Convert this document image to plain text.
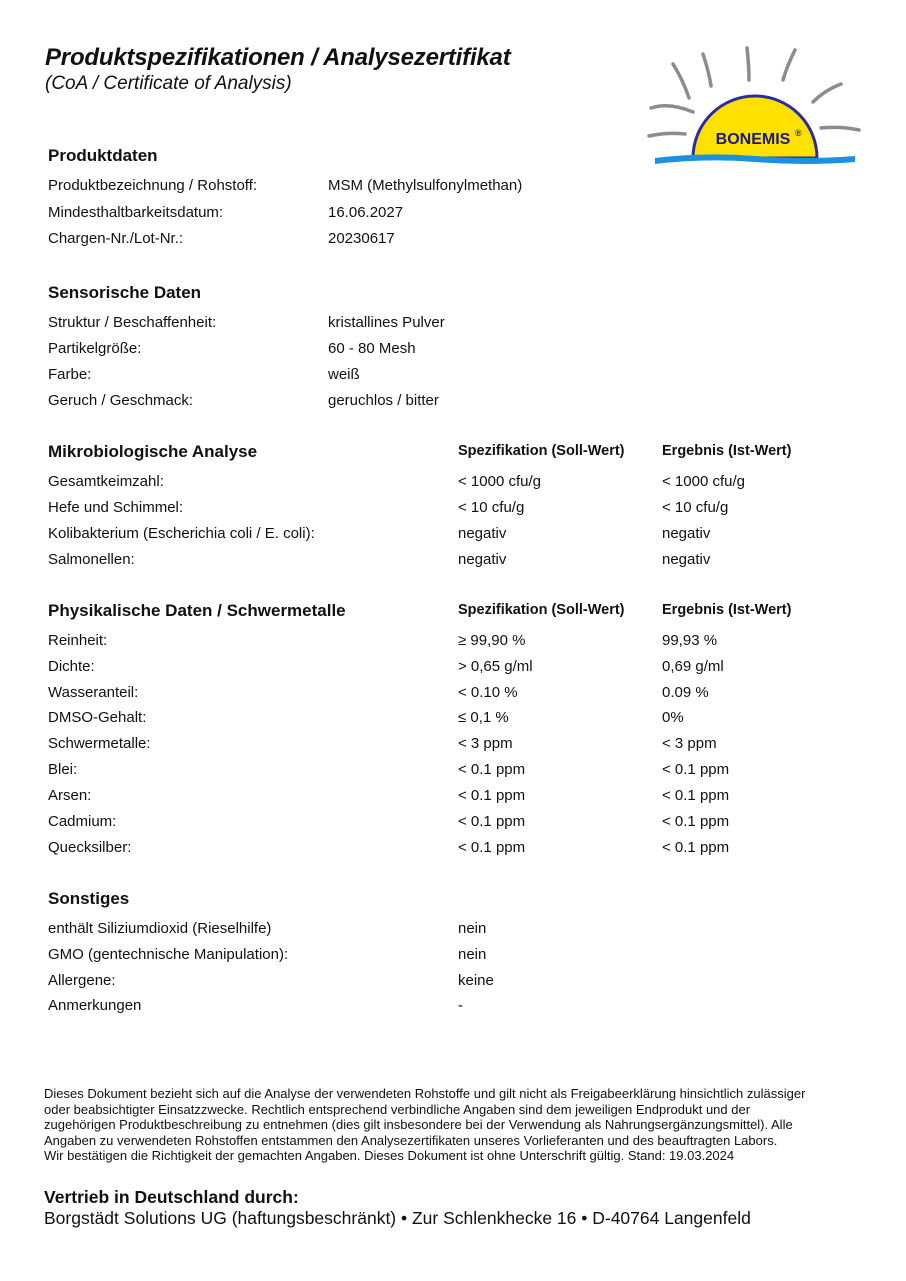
Produktspezifikationen / Analysezertifikat
(CoA / Certificate of Analysis)
BONEMIS ®
Produktdaten
Produktbezeichnung / Rohstoff:	MSM (Methylsulfonylmethan)
Mindesthaltbarkeitsdatum:	16.06.2027
Chargen-Nr./Lot-Nr.:	20230617
Sensorische Daten
Struktur / Beschaffenheit:	kristallines Pulver
Partikelgröße:	60 - 80 Mesh
Farbe:	weiß
Geruch / Geschmack:	geruchlos / bitter
Mikrobiologische Analyse	Spezifikation (Soll-Wert)	Ergebnis (Ist-Wert)
Gesamtkeimzahl:	< 1000 cfu/g	< 1000 cfu/g
Hefe und Schimmel:	< 10 cfu/g	< 10 cfu/g
Kolibakterium (Escherichia coli / E. coli):	negativ	negativ
Salmonellen:	negativ	negativ
Physikalische Daten / Schwermetalle	Spezifikation (Soll-Wert)	Ergebnis (Ist-Wert)
Reinheit:	≥ 99,90 %	99,93 %
Dichte:	> 0,65 g/ml	0,69 g/ml
Wasseranteil:	< 0.10 %	0.09 %
DMSO-Gehalt:	≤ 0,1 %	0%
Schwermetalle:	< 3 ppm	< 3 ppm
Blei:	< 0.1 ppm	< 0.1 ppm
Arsen:	< 0.1 ppm	< 0.1 ppm
Cadmium:	< 0.1 ppm	< 0.1 ppm
Quecksilber:	< 0.1 ppm	< 0.1 ppm
Sonstiges
enthält Siliziumdioxid (Rieselhilfe)	nein
GMO (gentechnische Manipulation):	nein
Allergene:	keine
Anmerkungen	-
Dieses Dokument bezieht sich auf die Analyse der verwendeten Rohstoffe und gilt nicht als Freigabeerklärung hinsichtlich zulässiger
oder beabsichtigter Einsatzzwecke. Rechtlich entsprechend verbindliche Angaben sind dem jeweiligen Endprodukt und der
zugehörigen Produktbeschreibung zu entnehmen (dies gilt insbesondere bei der Verwendung als Nahrungsergänzungsmittel). Alle
Angaben zu verwendeten Rohstoffen entstammen den Analysezertifikaten unseres Vorlieferanten und des beauftragten Labors.
Wir bestätigen die Richtigkeit der gemachten Angaben. Dieses Dokument ist ohne Unterschrift gültig. Stand: 19.03.2024
Vertrieb in Deutschland durch:
Borgstädt Solutions UG (haftungsbeschränkt) • Zur Schlenkhecke 16 • D-40764 Langenfeld
